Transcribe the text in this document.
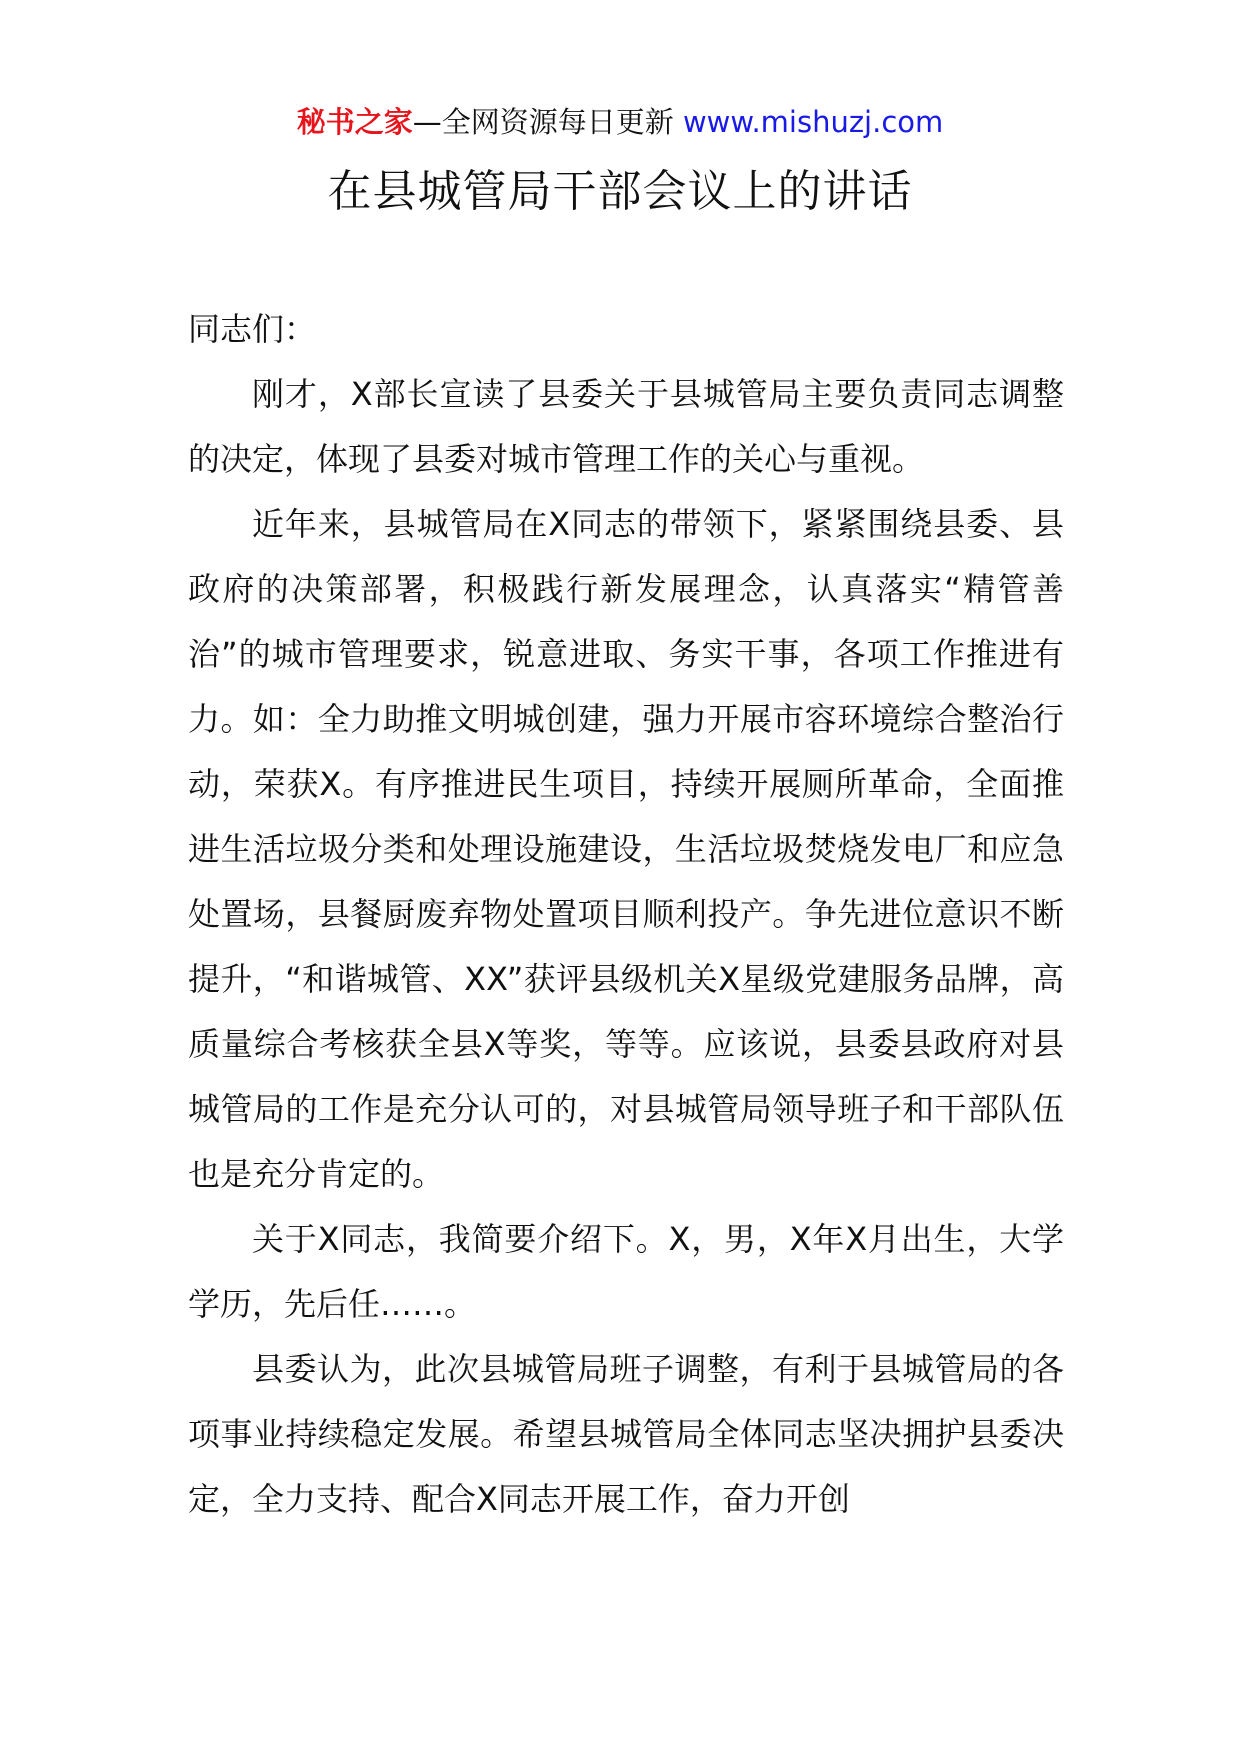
秘书之家—全网资源每日更新 www.mishuzj.com
在县城管局干部会议上的讲话

同志们：

刚才，X部长宣读了县委关于县城管局主要负责同志调整的决定，体现了县委对城市管理工作的关心与重视。

近年来，县城管局在X同志的带领下，紧紧围绕县委、县政府的决策部署，积极践行新发展理念，认真落实“精管善治”的城市管理要求，锐意进取、务实干事，各项工作推进有力。如：全力助推文明城创建，强力开展市容环境综合整治行动，荣获X。有序推进民生项目，持续开展厕所革命，全面推进生活垃圾分类和处理设施建设，生活垃圾焚烧发电厂和应急处置场，县餐厨废弃物处置项目顺利投产。争先进位意识不断提升，“和谐城管、XX”获评县级机关X星级党建服务品牌，高质量综合考核获全县X等奖，等等。应该说，县委县政府对县城管局的工作是充分认可的，对县城管局领导班子和干部队伍也是充分肯定的。

关于X同志，我简要介绍下。X，男，X年X月出生，大学学历，先后任……。

县委认为，此次县城管局班子调整，有利于县城管局的各项事业持续稳定发展。希望县城管局全体同志坚决拥护县委决定，全力支持、配合X同志开展工作，奋力开创
